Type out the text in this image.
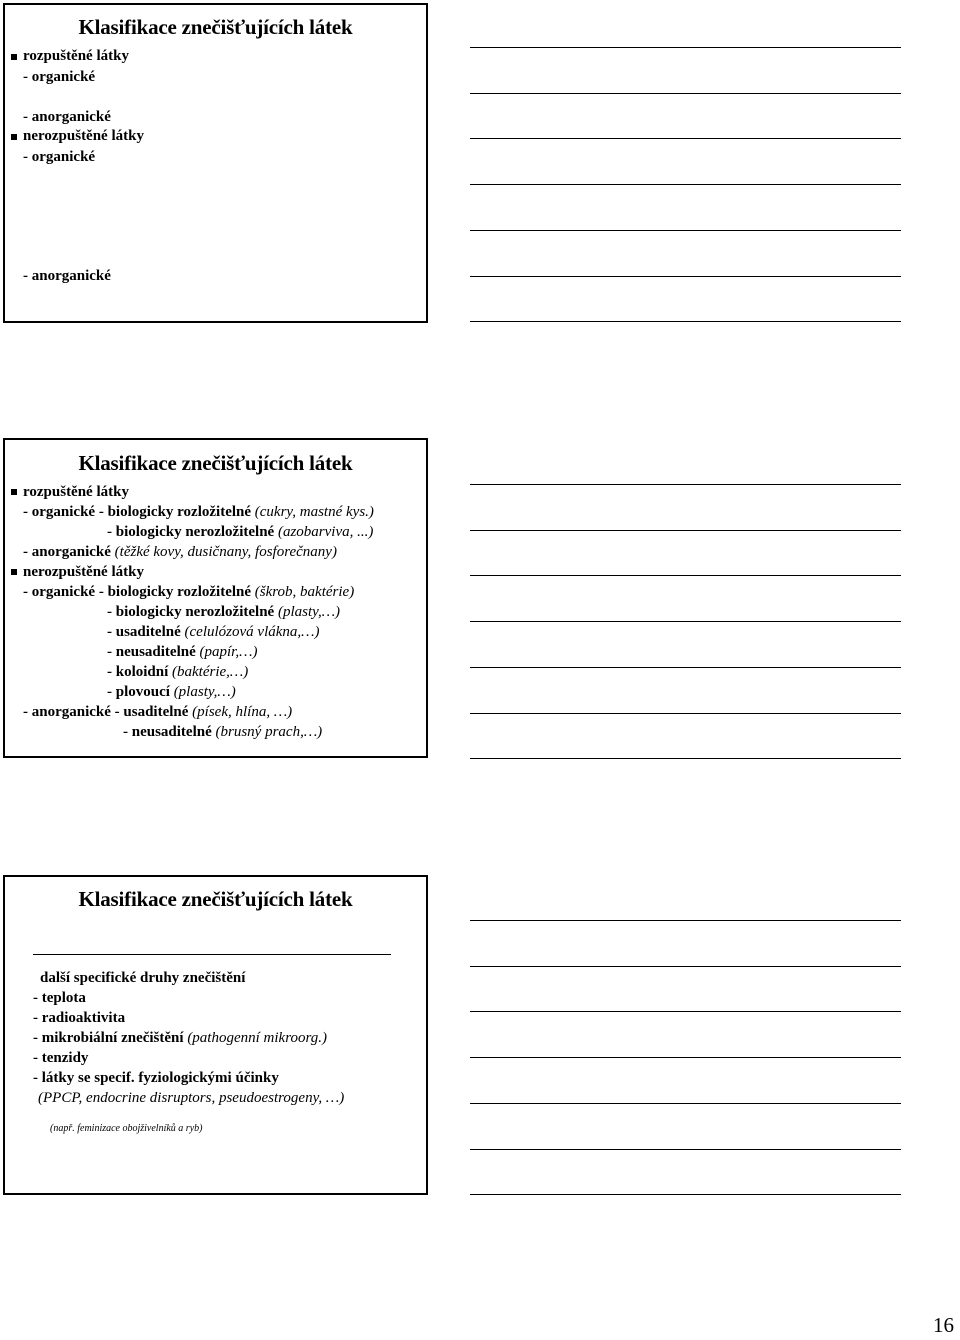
Klasifikace znečišťujících látek
rozpuštěné látky
- organické
- anorganické
nerozpuštěné látky
- organické
- anorganické
Klasifikace znečišťujících látek
rozpuštěné látky
- organické - biologicky rozložitelné (cukry, mastné kys.)
- biologicky nerozložitelné (azobarviva, ...)
- anorganické (těžké kovy, dusičnany, fosforečnany)
nerozpuštěné látky
- organické - biologicky rozložitelné (škrob, baktérie)
- biologicky nerozložitelné (plasty,…)
- usaditelné (celulózová vlákna,…)
- neusaditelné (papír,…)
- koloidní (baktérie,…)
- plovoucí (plasty,…)
- anorganické - usaditelné (písek, hlína, …)
- neusaditelné (brusný prach,…)
Klasifikace znečišťujících látek
další specifické druhy znečištění
- teplota
- radioaktivita
- mikrobiální znečištění (pathogenní mikroorg.)
- tenzidy
- látky se specif. fyziologickými účinky
(PPCP, endocrine disruptors, pseudoestrogeny, …)
(např. feminizace obojživelníků a ryb)
16
